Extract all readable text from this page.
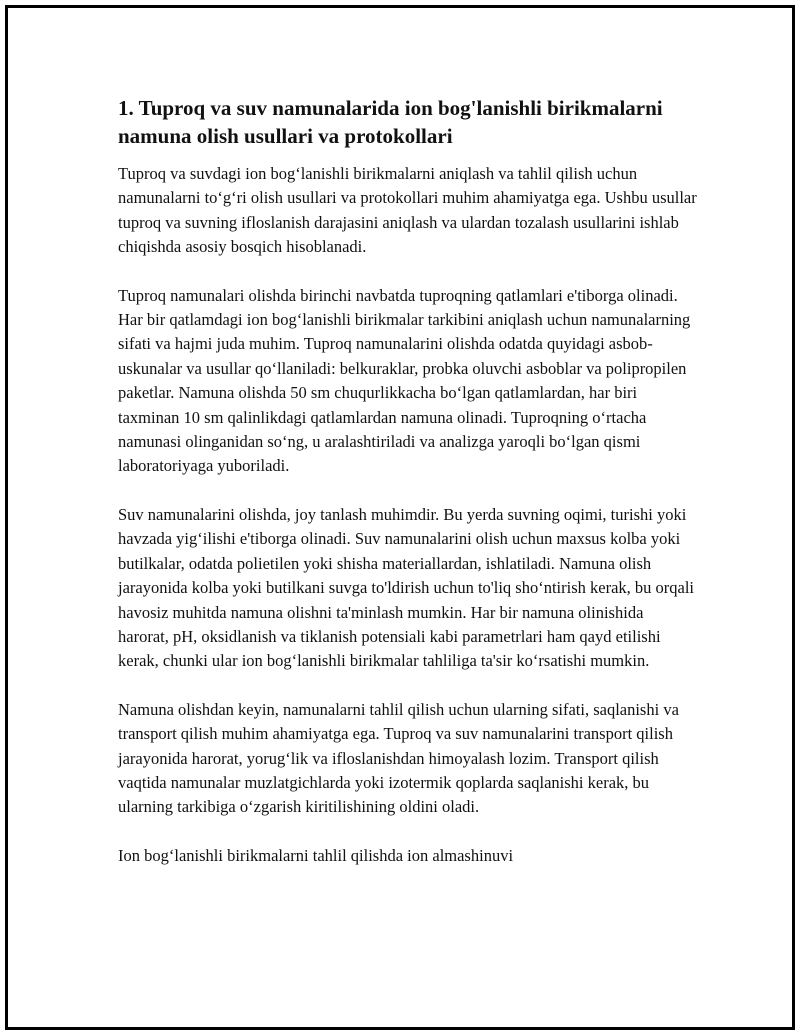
1. Tuproq va suv namunalarida ion bog'lanishli birikmalarni namuna olish usullari va protokollari

Tuproq va suvdagi ion bog‘lanishli birikmalarni aniqlash va tahlil qilish uchun namunalarni to‘g‘ri olish usullari va protokollari muhim ahamiyatga ega. Ushbu usullar tuproq va suvning ifloslanish darajasini aniqlash va ulardan tozalash usullarini ishlab chiqishda asosiy bosqich hisoblanadi.

Tuproq namunalari olishda birinchi navbatda tuproqning qatlamlari e'tiborga olinadi. Har bir qatlamdagi ion bog‘lanishli birikmalar tarkibini aniqlash uchun namunalarning sifati va hajmi juda muhim. Tuproq namunalarini olishda odatda quyidagi asbob-uskunalar va usullar qo‘llaniladi: belkuraklar, probka oluvchi asboblar va polipropilen paketlar. Namuna olishda 50 sm chuqurlikkacha bo‘lgan qatlamlardan, har biri taxminan 10 sm qalinlikdagi qatlamlardan namuna olinadi. Tuproqning o‘rtacha namunasi olinganidan so‘ng, u aralashtiriladi va analizga yaroqli bo‘lgan qismi laboratoriyaga yuboriladi.

Suv namunalarini olishda, joy tanlash muhimdir. Bu yerda suvning oqimi, turishi yoki havzada yig‘ilishi e'tiborga olinadi. Suv namunalarini olish uchun maxsus kolba yoki butilkalar, odatda polietilen yoki shisha materiallardan, ishlatiladi. Namuna olish jarayonida kolba yoki butilkani suvga to'ldirish uchun to'liq sho‘ntirish kerak, bu orqali havosiz muhitda namuna olishni ta'minlash mumkin. Har bir namuna olinishida harorat, pH, oksidlanish va tiklanish potensiali kabi parametrlari ham qayd etilishi kerak, chunki ular ion bog‘lanishli birikmalar tahliliga ta'sir ko‘rsatishi mumkin.

Namuna olishdan keyin, namunalarni tahlil qilish uchun ularning sifati, saqlanishi va transport qilish muhim ahamiyatga ega. Tuproq va suv namunalarini transport qilish jarayonida harorat, yorug‘lik va ifloslanishdan himoyalash lozim. Transport qilish vaqtida namunalar muzlatgichlarda yoki izotermik qoplarda saqlanishi kerak, bu ularning tarkibiga o‘zgarish kiritilishining oldini oladi.

Ion bog‘lanishli birikmalarni tahlil qilishda ion almashinuvi
